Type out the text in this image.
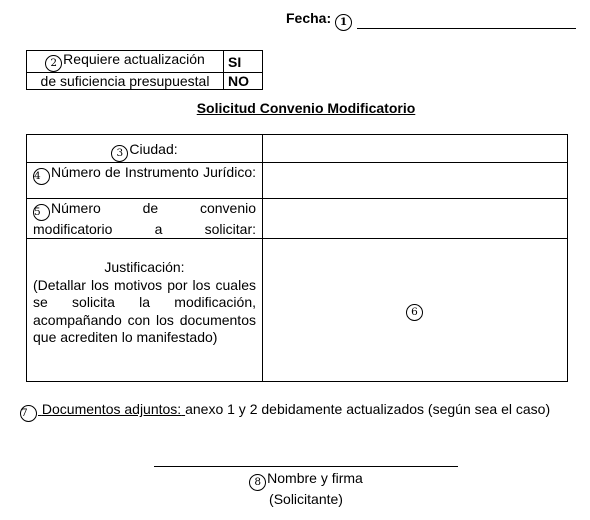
Fecha: 1
2 Requiere actualización	SI
de suficiencia presupuestal	NO
Solicitud Convenio Modificatorio
3 Ciudad:	

4 Número de Instrumento Jurídico:	

5 Número de convenio modificatorio a solicitar:	

Justificación:
(Detallar los motivos por los cuales se solicita la modificación, acompañando con los documentos que acrediten lo manifestado)	6
7 Documentos adjuntos: anexo 1 y 2 debidamente actualizados (según sea el caso)
8 Nombre y firma
(Solicitante)
